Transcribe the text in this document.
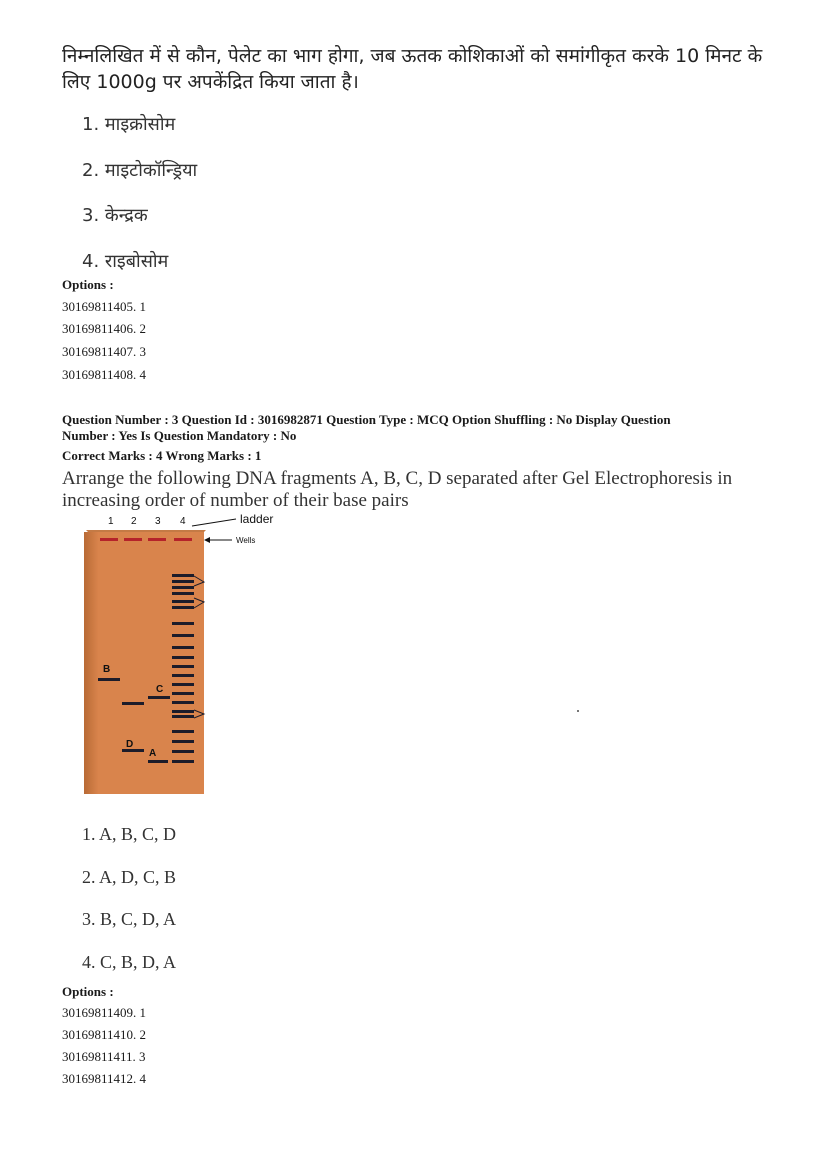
निम्नलिखित में से कौन, पेलेट का भाग होगा, जब ऊतक कोशिकाओं को समांगीकृत करके 10 मिनट के
लिए 1000g पर अपकेंद्रित किया जाता है।
1. माइक्रोसोम
2. माइटोकॉन्ड्रिया
3. केन्द्रक
4. राइबोसोम
Options :
30169811405. 1
30169811406. 2
30169811407. 3
30169811408. 4
Question Number : 3 Question Id : 3016982871 Question Type : MCQ Option Shuffling : No Display Question
Number : Yes Is Question Mandatory : No
Correct Marks : 4 Wrong Marks : 1
Arrange the following DNA fragments A, B, C, D separated after Gel Electrophoresis in
increasing order of number of their base pairs
1 2 3 4	ladder
Wells
B
C
D
A
1. A, B, C, D
2. A, D, C, B
3. B, C, D, A
4. C, B, D, A
Options :
30169811409. 1
30169811410. 2
30169811411. 3
30169811412. 4
